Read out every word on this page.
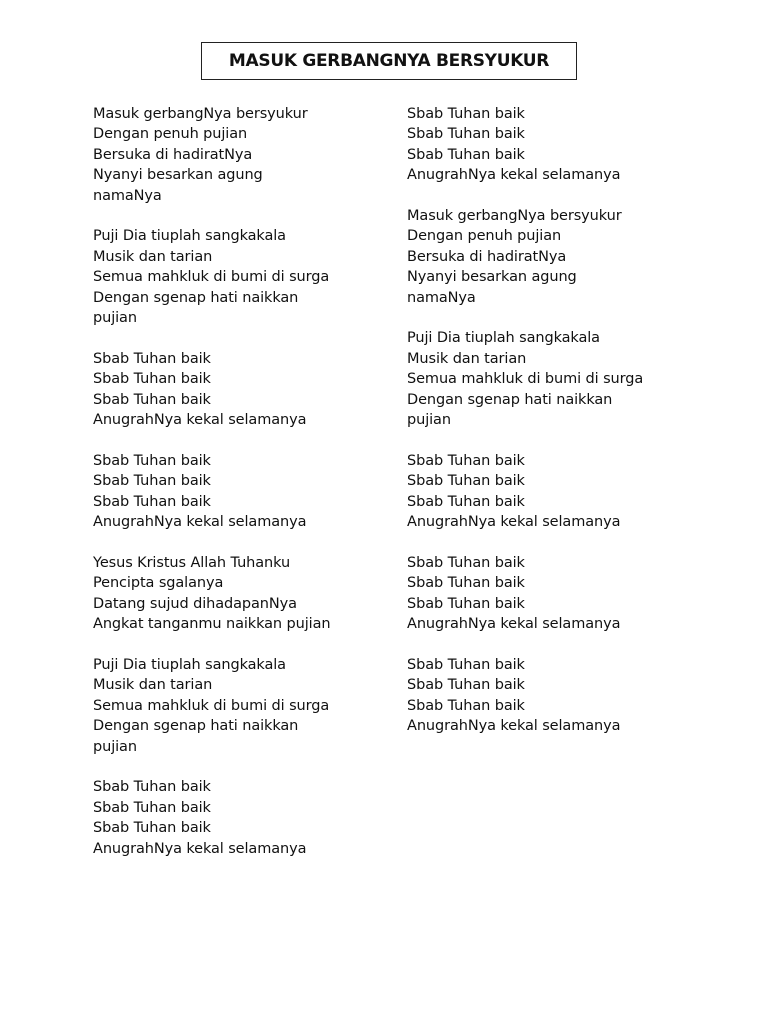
MASUK GERBANGNYA BERSYUKUR
Masuk gerbangNya bersyukur
Dengan penuh pujian
Bersuka di hadiratNya
Nyanyi besarkan agung
namaNya
Puji Dia tiuplah sangkakala
Musik dan tarian
Semua mahkluk di bumi di surga
Dengan sgenap hati naikkan
pujian
Sbab Tuhan baik
Sbab Tuhan baik
Sbab Tuhan baik
AnugrahNya kekal selamanya
Sbab Tuhan baik
Sbab Tuhan baik
Sbab Tuhan baik
AnugrahNya kekal selamanya
Yesus Kristus Allah Tuhanku
Pencipta sgalanya
Datang sujud dihadapanNya
Angkat tanganmu naikkan pujian
Puji Dia tiuplah sangkakala
Musik dan tarian
Semua mahkluk di bumi di surga
Dengan sgenap hati naikkan
pujian
Sbab Tuhan baik
Sbab Tuhan baik
Sbab Tuhan baik
AnugrahNya kekal selamanya
Sbab Tuhan baik
Sbab Tuhan baik
Sbab Tuhan baik
AnugrahNya kekal selamanya
Masuk gerbangNya bersyukur
Dengan penuh pujian
Bersuka di hadiratNya
Nyanyi besarkan agung
namaNya
Puji Dia tiuplah sangkakala
Musik dan tarian
Semua mahkluk di bumi di surga
Dengan sgenap hati naikkan
pujian
Sbab Tuhan baik
Sbab Tuhan baik
Sbab Tuhan baik
AnugrahNya kekal selamanya
Sbab Tuhan baik
Sbab Tuhan baik
Sbab Tuhan baik
AnugrahNya kekal selamanya
Sbab Tuhan baik
Sbab Tuhan baik
Sbab Tuhan baik
AnugrahNya kekal selamanya
